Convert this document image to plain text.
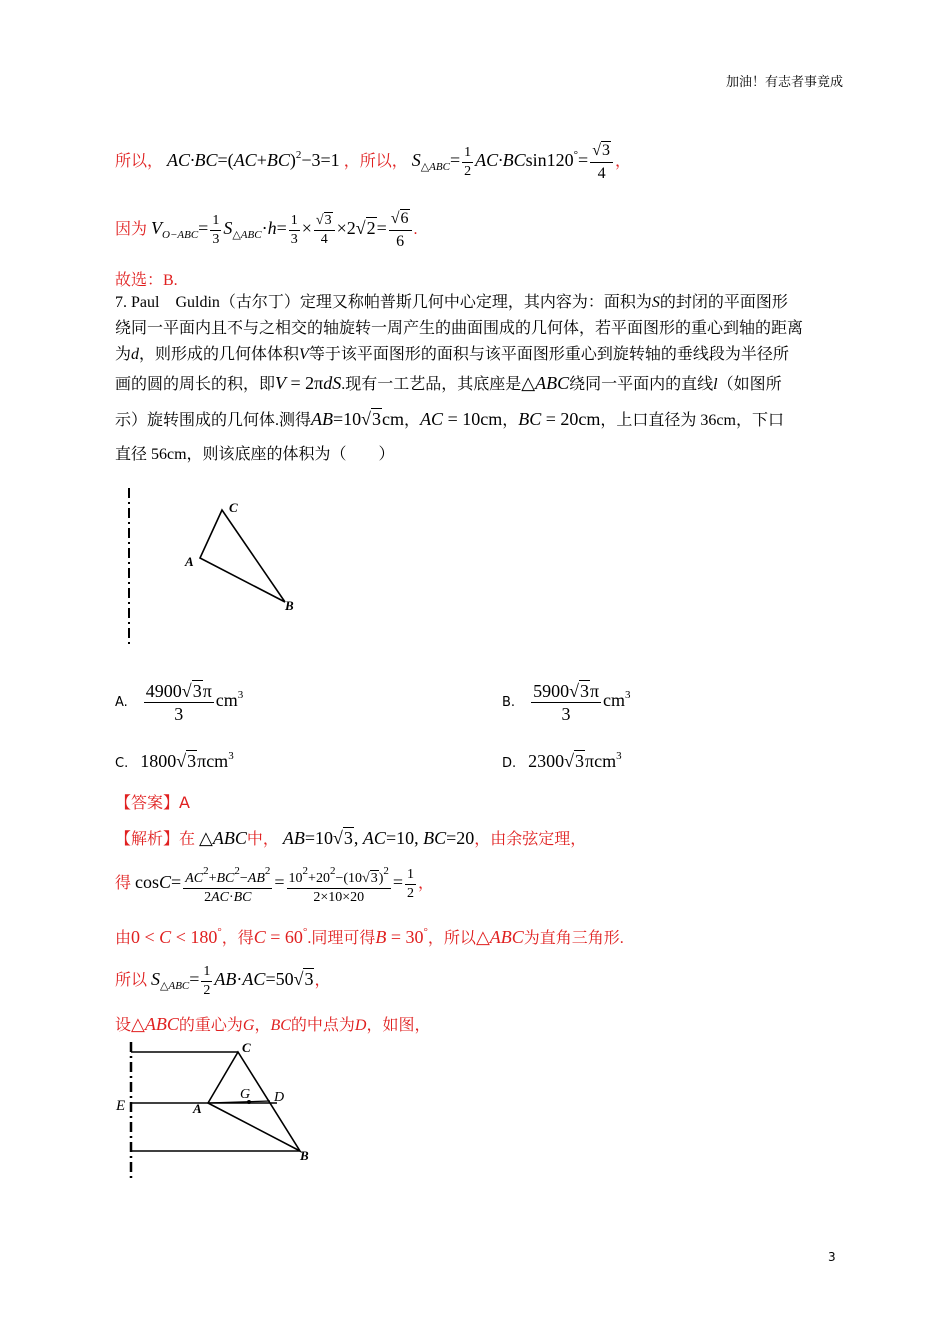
加油！有志者事竟成
所以， $AC\cdot BC=(AC+BC)^2-3=1$ ，所以， $S_{\triangle ABC}= \frac{1}{2} AC\cdot BCsin120^\circ= \frac{√3}{4}$ ，
因为 $V_{O-ABC}= \frac{1}{3} S_{\triangle ABC}\cdot h= \frac{1}{3} \times \frac{√3}{4} \times 2√2= \frac{√6}{6}$ .
故选：B.
7. Paul　Guldin（古尔丁）定理又称帕普斯几何中心定理，其内容为：面积为S的封闭的平面图形
绕同一平面内且不与之相交的轴旋转一周产生的曲面围成的几何体，若平面图形的重心到轴的距离
为d，则形成的几何体体积V等于该平面图形的面积与该平面图形重心到旋转轴的垂线段为半径所
画的圆的周长的积，即V = 2πdS.现有一工艺品，其底座是△ABC绕同一平面内的直线l（如图所
示）旋转围成的几何体.测得AB=10√3cm，AC = 10cm，BC = 20cm，上口直径为 36cm，下口
直径 56cm，则该底座的体积为（　　）
C
A
B
A. $\frac{4900√3\pi}{3} cm^3$	B. $\frac{5900√3\pi}{3} cm^3$
C. 1800√3πcm$^3$	D. 2300√3πcm$^3$
【答案】A
【解析】在 △ABC中， AB=10√3, AC=10, BC=20，由余弦定理，
得 $\cos C= \frac{AC^2+BC^2-AB^2}{2AC\cdot BC} = \frac{10^2+20^2-(10√3)^2}{2\times 10\times 20} = \frac{1}{2}$ ，
由0 < C < 180°，得C = 60°.同理可得B = 30°，所以△ABC为直角三角形.
所以 $S_{\triangle ABC}= \frac{1}{2} AB\cdot AC=50√3$，
设△ABC的重心为G，BC的中点为D，如图，
C
A
B
D
E
G
3
